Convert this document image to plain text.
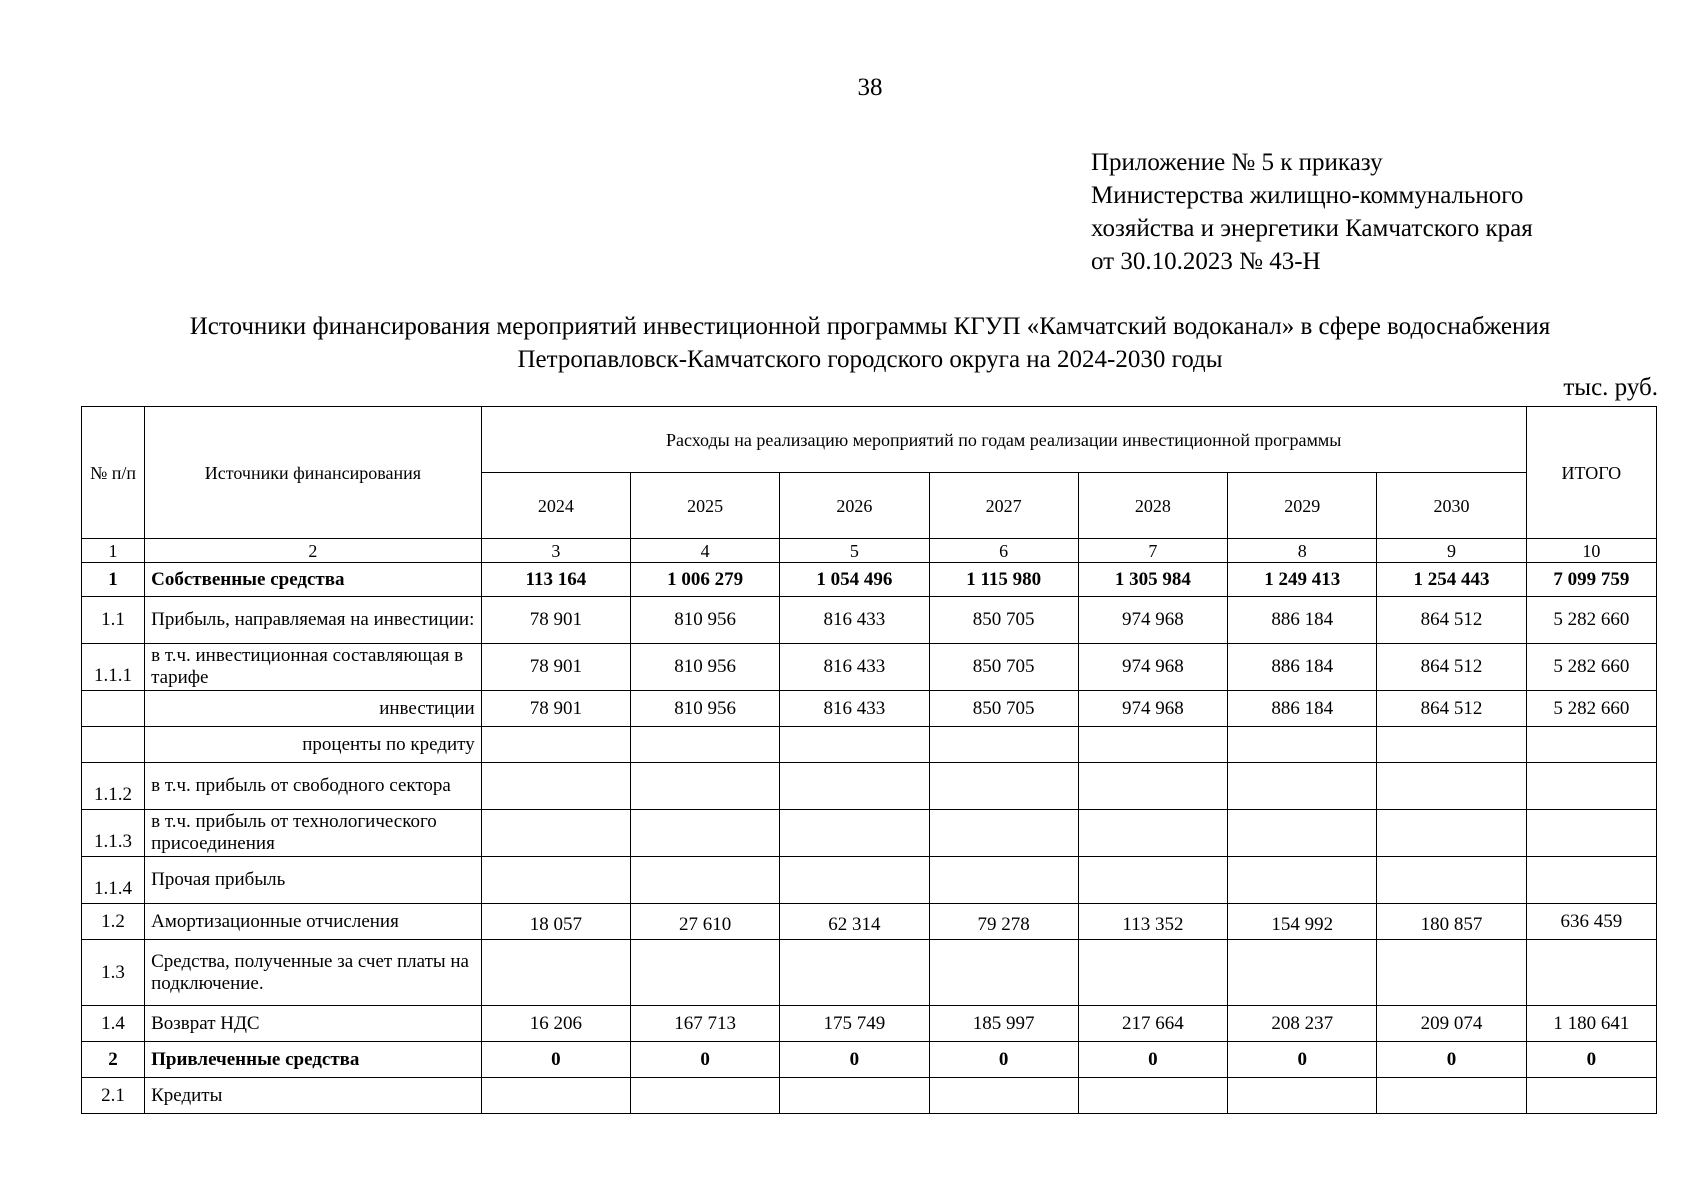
38
Приложение № 5 к приказу
Министерства жилищно-коммунального
хозяйства и энергетики Камчатского края
от 30.10.2023 № 43-Н
Источники финансирования мероприятий инвестиционной программы КГУП «Камчатский водоканал» в сфере водоснабжения
Петропавловск-Камчатского городского округа на 2024-2030 годы
тыс. руб.
№ п/п	Источники финансирования	Расходы на реализацию мероприятий по годам реализации инвестиционной программы							ИТОГО
		2024	2025	2026	2027	2028	2029	2030	
1	2	3	4	5	6	7	8	9	10
1	Собственные средства	113 164	1 006 279	1 054 496	1 115 980	1 305 984	1 249 413	1 254 443	7 099 759
1.1	Прибыль, направляемая на инвестиции:	78 901	810 956	816 433	850 705	974 968	886 184	864 512	5 282 660
1.1.1	в т.ч. инвестиционная составляющая в тарифе	78 901	810 956	816 433	850 705	974 968	886 184	864 512	5 282 660
	инвестиции	78 901	810 956	816 433	850 705	974 968	886 184	864 512	5 282 660
	проценты по кредиту								
1.1.2	в т.ч. прибыль от свободного сектора								
1.1.3	в т.ч. прибыль от технологического присоединения								
1.1.4	Прочая прибыль								
1.2	Амортизационные отчисления	18 057	27 610	62 314	79 278	113 352	154 992	180 857	636 459
1.3	Средства, полученные за счет платы на подключение.								
1.4	Возврат НДС	16 206	167 713	175 749	185 997	217 664	208 237	209 074	1 180 641
2	Привлеченные средства	0	0	0	0	0	0	0	0
2.1	Кредиты								
